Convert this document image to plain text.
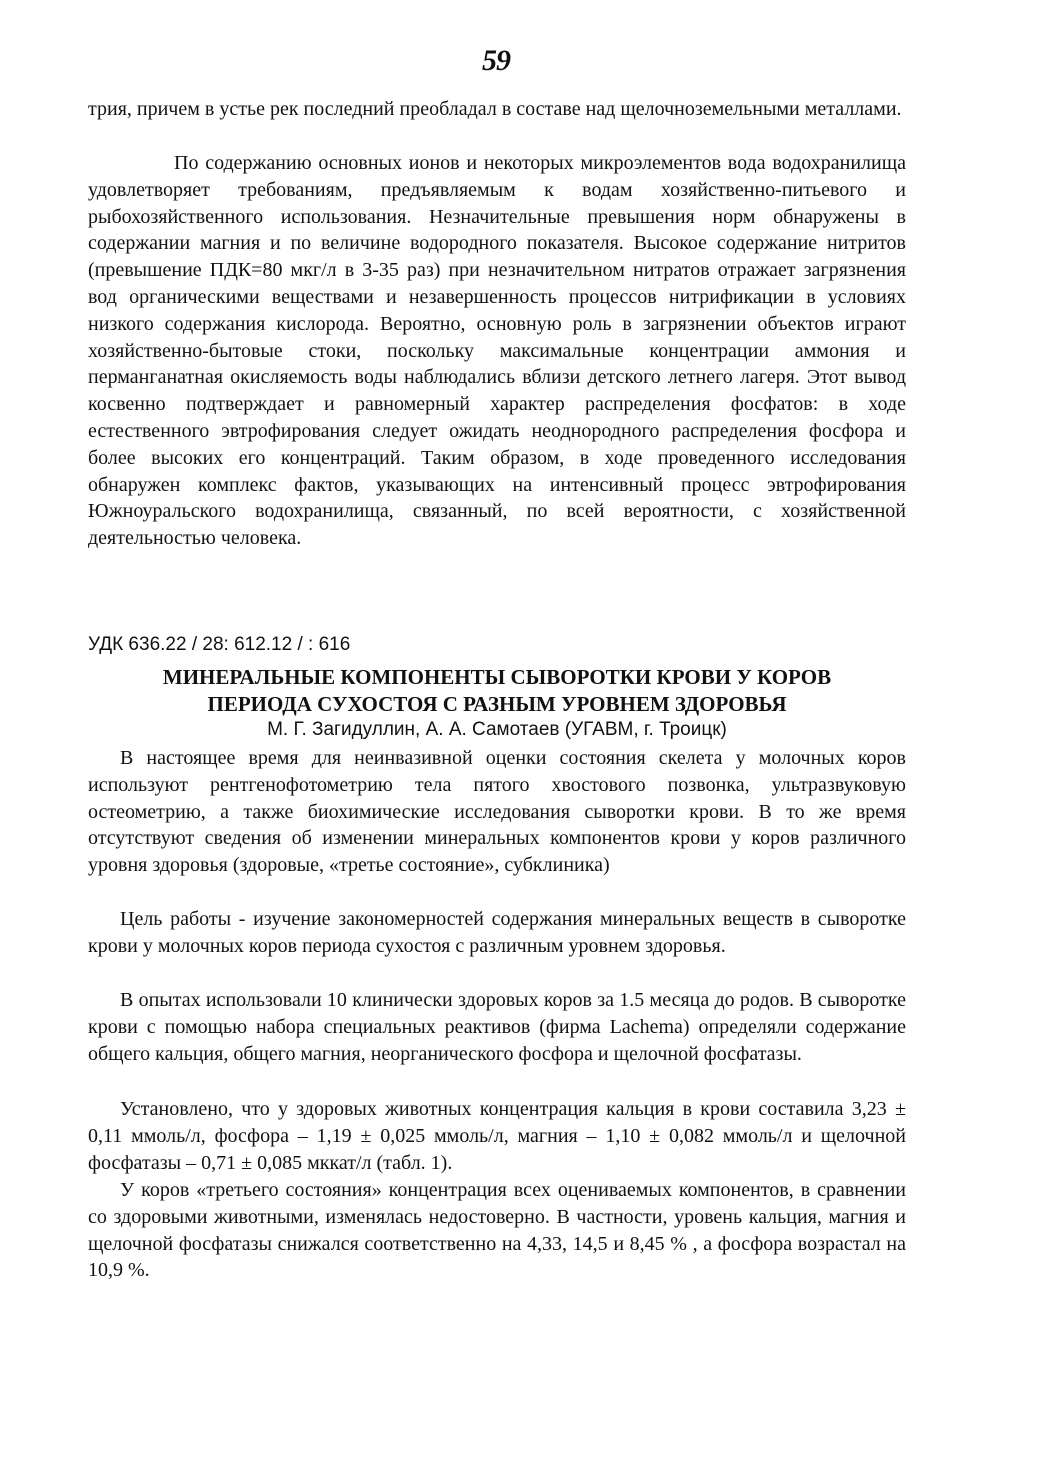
59

трия, причем в устье рек последний преобладал в составе над щелочноземельными металлами.

По содержанию основных ионов и некоторых микроэлементов вода водохранилища удовлетворяет требованиям, предъявляемым к водам хозяйственно-питьевого и рыбохозяйственного использования. Незначительные превышения норм обнаружены в содержании магния и по величине водородного показателя. Высокое содержание нитритов (превышение ПДК=80 мкг/л в 3-35 раз) при незначительном нитратов отражает загрязнения вод органическими веществами и незавершенность процессов нитрификации в условиях низкого содержания кислорода. Вероятно, основную роль в загрязнении объектов играют хозяйственно-бытовые стоки, поскольку максимальные концентрации аммония и перманганатная окисляемость воды наблюдались вблизи детского летнего лагеря. Этот вывод косвенно подтверждает и равномерный характер распределения фосфатов: в ходе естественного эвтрофирования следует ожидать неоднородного распределения фосфора и более высоких его концентраций. Таким образом, в ходе проведенного исследования обнаружен комплекс фактов, указывающих на интенсивный процесс эвтрофирования Южноуральского водохранилища, связанный, по всей вероятности, с хозяйственной деятельностью человека.

УДК 636.22 / 28: 612.12 / : 616
МИНЕРАЛЬНЫЕ КОМПОНЕНТЫ СЫВОРОТКИ КРОВИ У КОРОВ
ПЕРИОДА СУХОСТОЯ С РАЗНЫМ УРОВНЕМ ЗДОРОВЬЯ
М. Г. Загидуллин, А. А. Самотаев (УГАВМ, г. Троицк)

В настоящее время для неинвазивной оценки состояния скелета у молочных коров используют рентгенофотометрию тела пятого хвостового позвонка, ультразвуковую остеометрию, а также биохимические исследования сыворотки крови. В то же время отсутствуют сведения об изменении минеральных компонентов крови у коров различного уровня здоровья (здоровые, «третье состояние», субклиника)

Цель работы - изучение закономерностей содержания минеральных веществ в сыворотке крови у молочных коров периода сухостоя с различным уровнем здоровья.

В опытах использовали 10 клинически здоровых коров за 1.5 месяца до родов. В сыворотке крови с помощью набора специальных реактивов (фирма Lachema) определяли содержание общего кальция, общего магния, неорганического фосфора и щелочной фосфатазы.

Установлено, что у здоровых животных концентрация кальция в крови составила 3,23 ± 0,11 ммоль/л, фосфора – 1,19 ± 0,025 ммоль/л, магния – 1,10 ± 0,082 ммоль/л и щелочной фосфатазы – 0,71 ± 0,085 мккат/л (табл. 1).

У коров «третьего состояния» концентрация всех оцениваемых компонентов, в сравнении со здоровыми животными, изменялась недостоверно. В частности, уровень кальция, магния и щелочной фосфатазы снижался соответственно на 4,33, 14,5 и 8,45 % , а фосфора возрастал на 10,9 %.
